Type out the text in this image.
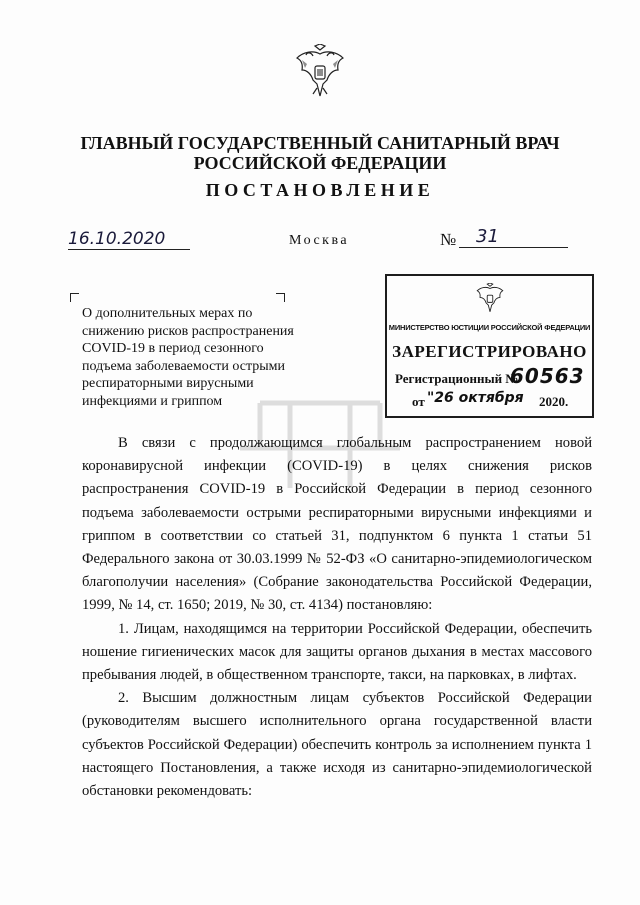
ГЛАВНЫЙ ГОСУДАРСТВЕННЫЙ САНИТАРНЫЙ ВРАЧ
РОССИЙСКОЙ ФЕДЕРАЦИИ
ПОСТАНОВЛЕНИЕ
16.10.2020	Москва	№ 31
О дополнительных мерах по снижению рисков распространения COVID-19 в период сезонного подъема заболеваемости острыми респираторными вирусными инфекциями и гриппом
МИНИСТЕРСТВО ЮСТИЦИИ РОССИЙСКОЙ ФЕДЕРАЦИИ
ЗАРЕГИСТРИРОВАНО
Регистрационный №
60563
от "26 октября 2020.

В связи с продолжающимся глобальным распространением новой коронавирусной инфекции (COVID-19) в целях снижения рисков распространения COVID-19 в Российской Федерации в период сезонного подъема заболеваемости острыми респираторными вирусными инфекциями и гриппом в соответствии со статьей 31, подпунктом 6 пункта 1 статьи 51 Федерального закона от 30.03.1999 № 52-ФЗ «О санитарно-эпидемиологическом благополучии населения» (Собрание законодательства Российской Федерации, 1999, № 14, ст. 1650; 2019, № 30, ст. 4134) постановляю:

1. Лицам, находящимся на территории Российской Федерации, обеспечить ношение гигиенических масок для защиты органов дыхания в местах массового пребывания людей, в общественном транспорте, такси, на парковках, в лифтах.

2. Высшим должностным лицам субъектов Российской Федерации (руководителям высшего исполнительного органа государственной власти субъектов Российской Федерации) обеспечить контроль за исполнением пункта 1 настоящего Постановления, а также исходя из санитарно-эпидемиологической обстановки рекомендовать:
